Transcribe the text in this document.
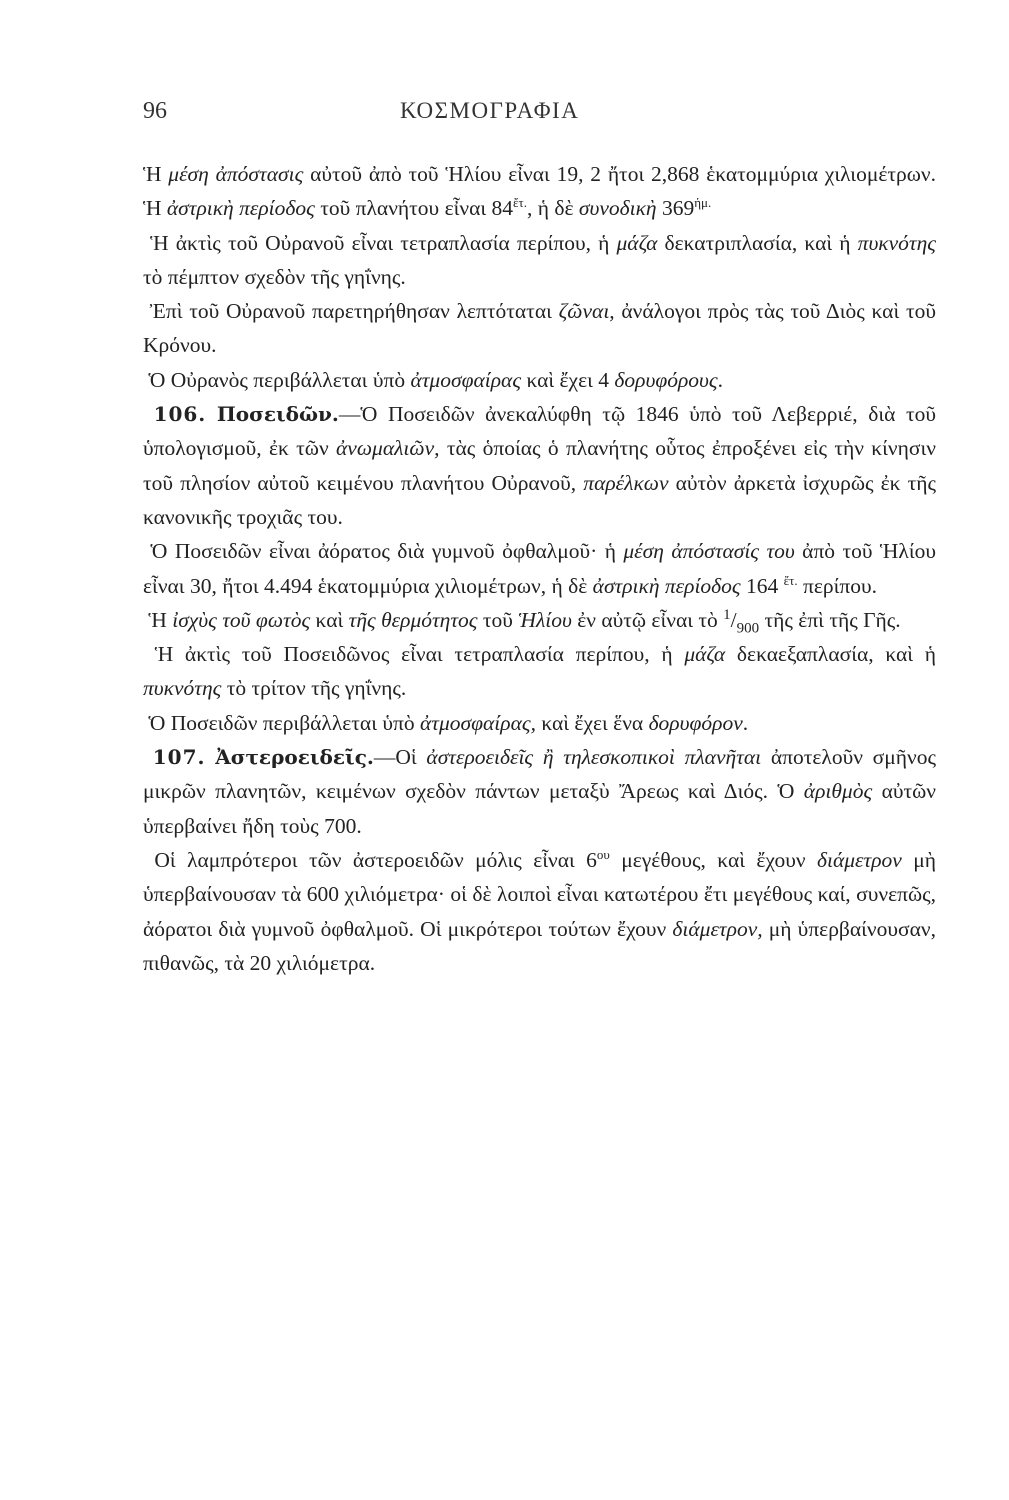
96	ΚΟΣΜΟΓΡΑΦΙΑ

Ἡ μέση ἀπόστασις αὐτοῦ ἀπὸ τοῦ Ἡλίου εἶναι 19, 2 ἤτοι 2,868 ἑκατομμύρια χιλιομέτρων. Ἡ ἀστρικὴ περίοδος τοῦ πλανήτου εἶναι $84^{ἔ\tau.}$, ἡ δὲ συνοδικὴ $369^{ἡ\mu.}$

Ἡ ἀκτὶς τοῦ Οὐρανοῦ εἶναι τετραπλασία περίπου, ἡ μάζα δεκατριπλασία, καὶ ἡ πυκνότης τὸ πέμπτον σχεδὸν τῆς γηΐνης.

Ἐπὶ τοῦ Οὐρανοῦ παρετηρήθησαν λεπτόταται ζῶναι, ἀνάλογοι πρὸς τὰς τοῦ Διὸς καὶ τοῦ Κρόνου.

Ὁ Οὐρανὸς περιβάλλεται ὑπὸ ἀτμοσφαίρας καὶ ἔχει 4 δορυφόρους.

106. Ποσειδῶν.—Ὁ Ποσειδῶν ἀνεκαλύφθη τῷ 1846 ὑπὸ τοῦ Λεβερριέ, διὰ τοῦ ὑπολογισμοῦ, ἐκ τῶν ἀνωμαλιῶν, τὰς ὁποίας ὁ πλανήτης οὗτος ἐπροξένει εἰς τὴν κίνησιν τοῦ πλησίον αὐτοῦ κειμένου πλανήτου Οὐρανοῦ, παρέλκων αὐτὸν ἀρκετὰ ἰσχυρῶς ἐκ τῆς κανονικῆς τροχιᾶς του.

Ὁ Ποσειδῶν εἶναι ἀόρατος διὰ γυμνοῦ ὀφθαλμοῦ· ἡ μέση ἀπόστασίς του ἀπὸ τοῦ Ἡλίου εἶναι 30, ἤτοι 4.494 ἑκατομμύρια χιλιομέτρων, ἡ δὲ ἀστρικὴ περίοδος 164 $^{ἔ\tau.}$ περίπου.

Ἡ ἰσχὺς τοῦ φωτὸς καὶ τῆς θερμότητος τοῦ Ἡλίου ἐν αὐτῷ εἶναι τὸ $^1/_{900}$ τῆς ἐπὶ τῆς Γῆς.

Ἡ ἀκτὶς τοῦ Ποσειδῶνος εἶναι τετραπλασία περίπου, ἡ μάζα δεκαεξαπλασία, καὶ ἡ πυκνότης τὸ τρίτον τῆς γηΐνης.

Ὁ Ποσειδῶν περιβάλλεται ὑπὸ ἀτμοσφαίρας, καὶ ἔχει ἕνα δορυφόρον.

107. Ἀστεροειδεῖς.—Οἱ ἀστεροειδεῖς ἢ τηλεσκοπικοὶ πλανῆται ἀποτελοῦν σμῆνος μικρῶν πλανητῶν, κειμένων σχεδὸν πάντων μεταξὺ Ἄρεως καὶ Διός. Ὁ ἀριθμὸς αὐτῶν ὑπερβαίνει ἤδη τοὺς 700.

Οἱ λαμπρότεροι τῶν ἀστεροειδῶν μόλις εἶναι $6^{o\upsilon}$ μεγέθους, καὶ ἔχουν διάμετρον μὴ ὑπερβαίνουσαν τὰ 600 χιλιόμετρα· οἱ δὲ λοιποὶ εἶναι κατωτέρου ἔτι μεγέθους καί, συνεπῶς, ἀόρατοι διὰ γυμνοῦ ὀφθαλμοῦ. Οἱ μικρότεροι τούτων ἔχουν διάμετρον, μὴ ὑπερβαίνουσαν, πιθανῶς, τὰ 20 χιλιόμετρα.
